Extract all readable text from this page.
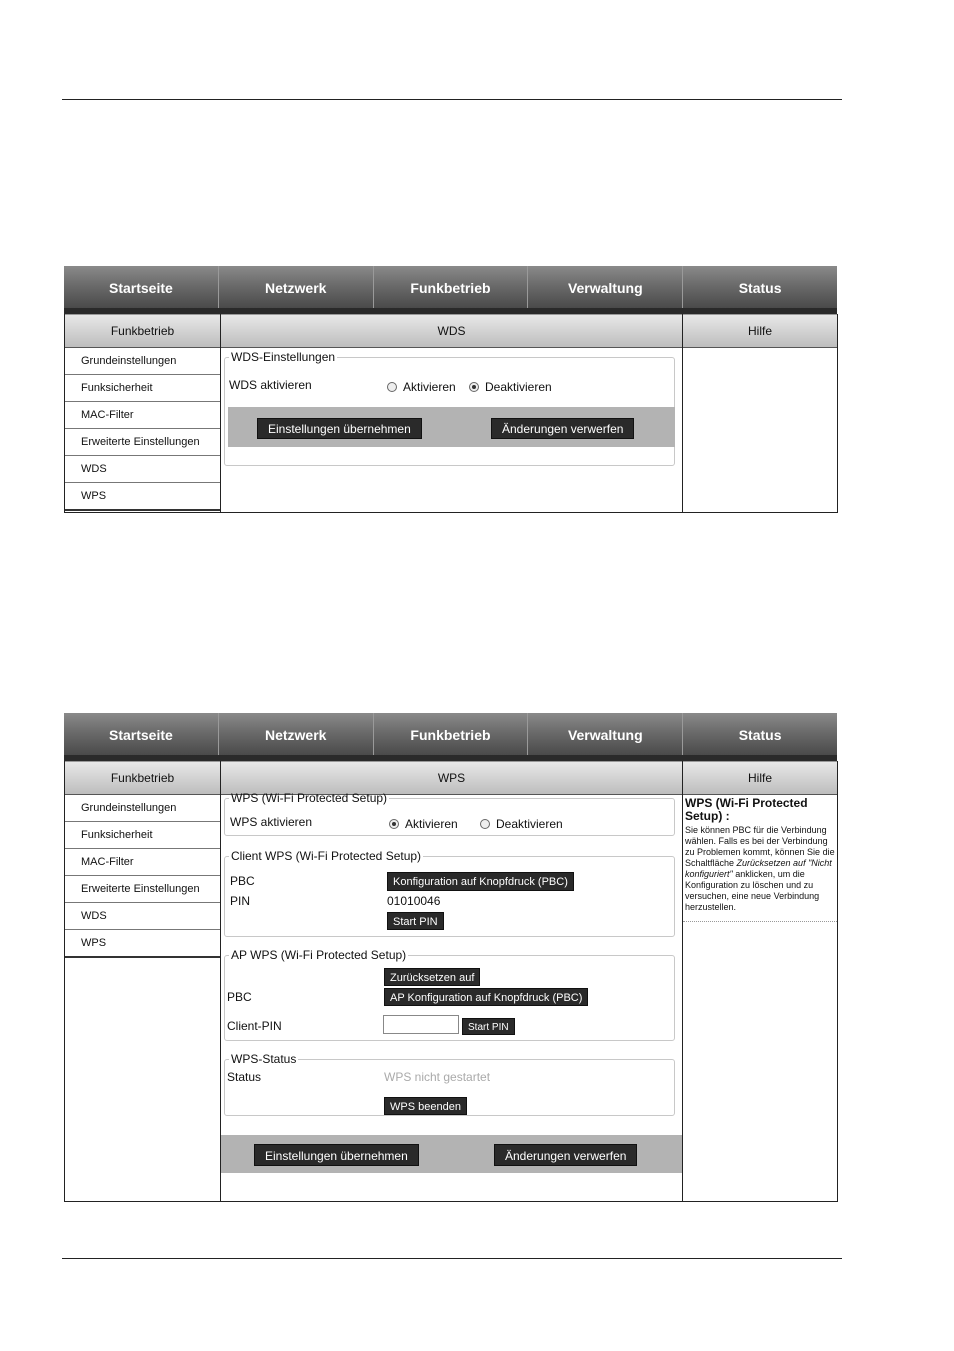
Startseite	Netzwerk	Funkbetrieb	Verwaltung	Status
Funkbetrieb
Grundeinstellungen
Funksicherheit
MAC-Filter
Erweiterte Einstellungen
WDS
WPS
WDS
WDS-Einstellungen
WDS aktivieren	Aktivieren Deaktivieren
Einstellungen übernehmen	Änderungen verwerfen
Hilfe
Startseite	Netzwerk	Funkbetrieb	Verwaltung	Status
Funkbetrieb
Grundeinstellungen
Funksicherheit
MAC-Filter
Erweiterte Einstellungen
WDS
WPS
WPS
WPS (Wi-Fi Protected Setup)
WPS aktivieren	Aktivieren	Deaktivieren
Client WPS (Wi-Fi Protected Setup)
PBC	Konfiguration auf Knopfdruck (PBC)
PIN	01010046
Start PIN
AP WPS (Wi-Fi Protected Setup)
Zurücksetzen auf
PBC	AP Konfiguration auf Knopfdruck (PBC)
Client-PIN	Start PIN
WPS-Status
Status	WPS nicht gestartet
WPS beenden
Einstellungen übernehmen	Änderungen verwerfen
Hilfe
WPS (Wi-Fi Protected Setup) :
Sie können PBC für die Verbindung wählen. Falls es bei der Verbindung zu Problemen kommt, können Sie die Schaltfläche Zurücksetzen auf "Nicht konfiguriert" anklicken, um die Konfiguration zu löschen und zu versuchen, eine neue Verbindung herzustellen.
